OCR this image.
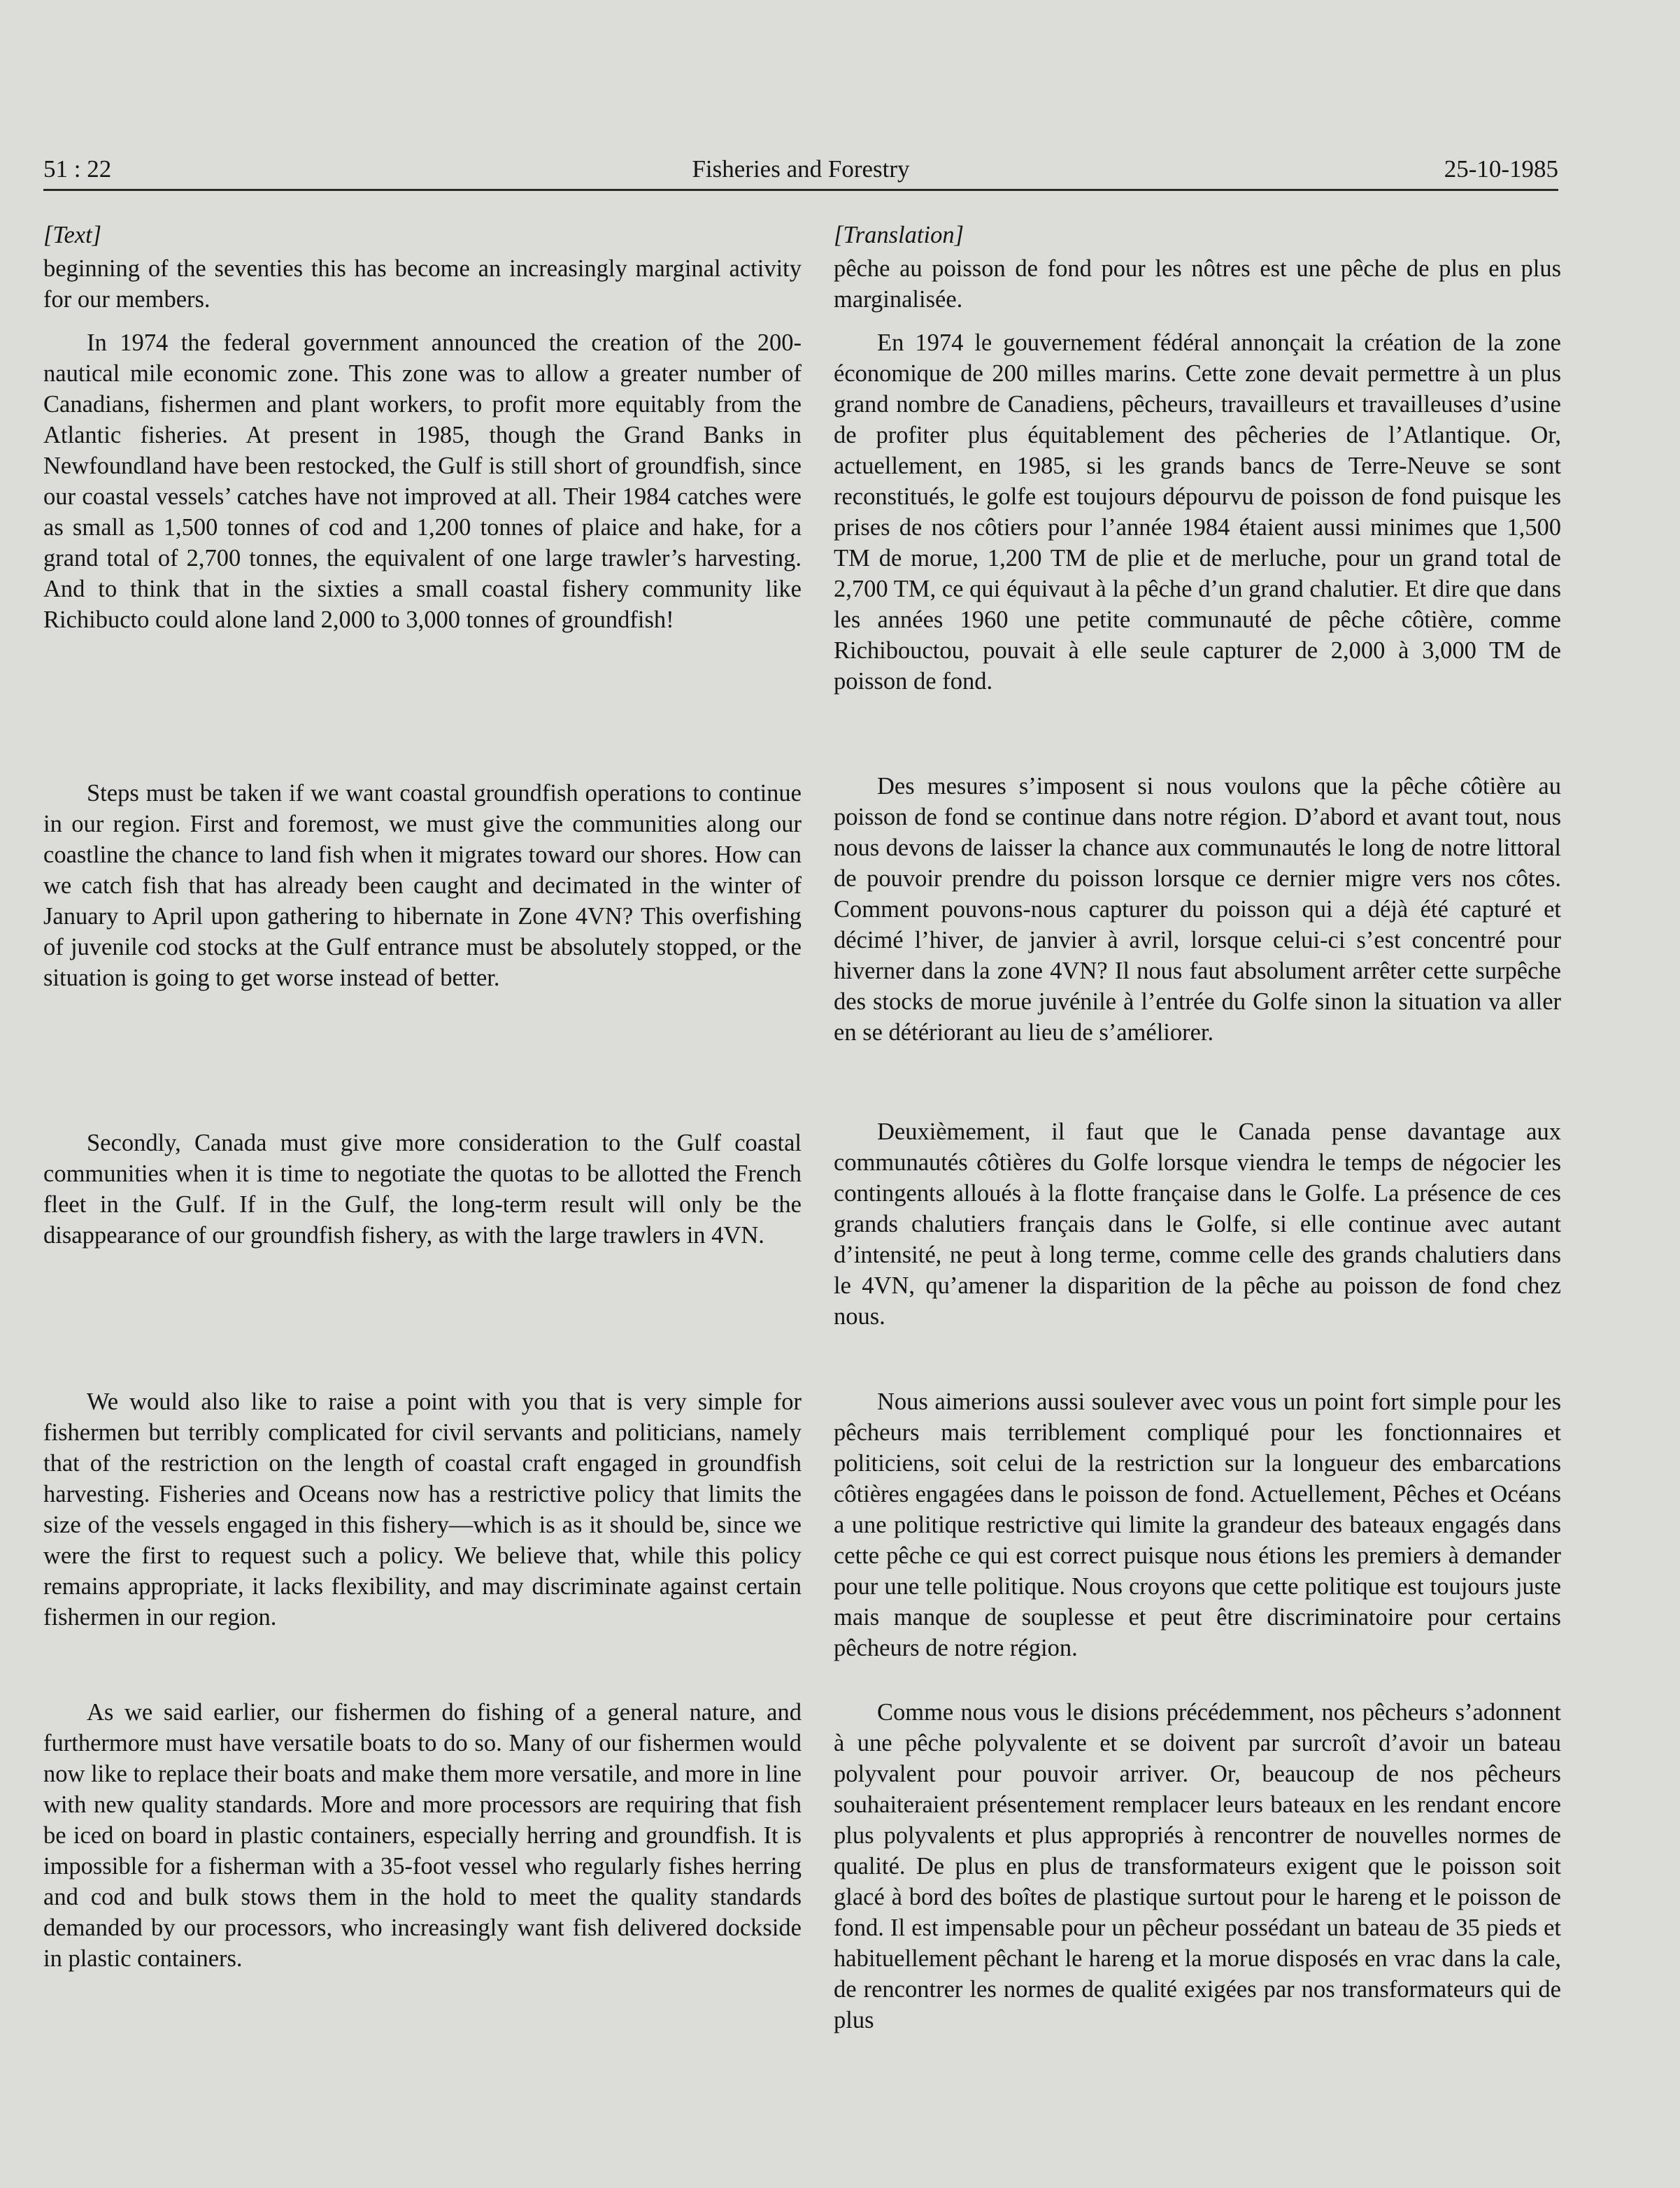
51 : 22	Fisheries and Forestry	25-10-1985

[Text]

beginning of the seventies this has become an increasingly marginal activity for our members.

In 1974 the federal government announced the creation of the 200-nautical mile economic zone. This zone was to allow a greater number of Canadians, fishermen and plant workers, to profit more equitably from the Atlantic fisheries. At present in 1985, though the Grand Banks in Newfoundland have been restocked, the Gulf is still short of groundfish, since our coastal vessels’ catches have not improved at all. Their 1984 catches were as small as 1,500 tonnes of cod and 1,200 tonnes of plaice and hake, for a grand total of 2,700 tonnes, the equivalent of one large trawler’s harvesting. And to think that in the sixties a small coastal fishery community like Richibucto could alone land 2,000 to 3,000 tonnes of groundfish!

Steps must be taken if we want coastal groundfish operations to continue in our region. First and foremost, we must give the communities along our coastline the chance to land fish when it migrates toward our shores. How can we catch fish that has already been caught and decimated in the winter of January to April upon gathering to hibernate in Zone 4VN? This overfishing of juvenile cod stocks at the Gulf entrance must be absolutely stopped, or the situation is going to get worse instead of better.

Secondly, Canada must give more consideration to the Gulf coastal communities when it is time to negotiate the quotas to be allotted the French fleet in the Gulf. If in the Gulf, the long-term result will only be the disappearance of our groundfish fishery, as with the large trawlers in 4VN.

We would also like to raise a point with you that is very simple for fishermen but terribly complicated for civil servants and politicians, namely that of the restriction on the length of coastal craft engaged in groundfish harvesting. Fisheries and Oceans now has a restrictive policy that limits the size of the vessels engaged in this fishery—which is as it should be, since we were the first to request such a policy. We believe that, while this policy remains appropriate, it lacks flexibility, and may discriminate against certain fishermen in our region.

As we said earlier, our fishermen do fishing of a general nature, and furthermore must have versatile boats to do so. Many of our fishermen would now like to replace their boats and make them more versatile, and more in line with new quality standards. More and more processors are requiring that fish be iced on board in plastic containers, especially herring and groundfish. It is impossible for a fisherman with a 35-foot vessel who regularly fishes herring and cod and bulk stows them in the hold to meet the quality standards demanded by our processors, who increasingly want fish delivered dockside in plastic containers.

[Translation]

pêche au poisson de fond pour les nôtres est une pêche de plus en plus marginalisée.

En 1974 le gouvernement fédéral annonçait la création de la zone économique de 200 milles marins. Cette zone devait permettre à un plus grand nombre de Canadiens, pêcheurs, travailleurs et travailleuses d’usine de profiter plus équitablement des pêcheries de l’Atlantique. Or, actuellement, en 1985, si les grands bancs de Terre-Neuve se sont reconstitués, le golfe est toujours dépourvu de poisson de fond puisque les prises de nos côtiers pour l’année 1984 étaient aussi minimes que 1,500 TM de morue, 1,200 TM de plie et de merluche, pour un grand total de 2,700 TM, ce qui équivaut à la pêche d’un grand chalutier. Et dire que dans les années 1960 une petite communauté de pêche côtière, comme Richibouctou, pouvait à elle seule capturer de 2,000 à 3,000 TM de poisson de fond.

Des mesures s’imposent si nous voulons que la pêche côtière au poisson de fond se continue dans notre région. D’abord et avant tout, nous nous devons de laisser la chance aux communautés le long de notre littoral de pouvoir prendre du poisson lorsque ce dernier migre vers nos côtes. Comment pouvons-nous capturer du poisson qui a déjà été capturé et décimé l’hiver, de janvier à avril, lorsque celui-ci s’est concentré pour hiverner dans la zone 4VN? Il nous faut absolument arrêter cette surpêche des stocks de morue juvénile à l’entrée du Golfe sinon la situation va aller en se détériorant au lieu de s’améliorer.

Deuxièmement, il faut que le Canada pense davantage aux communautés côtières du Golfe lorsque viendra le temps de négocier les contingents alloués à la flotte française dans le Golfe. La présence de ces grands chalutiers français dans le Golfe, si elle continue avec autant d’intensité, ne peut à long terme, comme celle des grands chalutiers dans le 4VN, qu’amener la disparition de la pêche au poisson de fond chez nous.

Nous aimerions aussi soulever avec vous un point fort simple pour les pêcheurs mais terriblement compliqué pour les fonctionnaires et politiciens, soit celui de la restriction sur la longueur des embarcations côtières engagées dans le poisson de fond. Actuellement, Pêches et Océans a une politique restrictive qui limite la grandeur des bateaux engagés dans cette pêche ce qui est correct puisque nous étions les premiers à demander pour une telle politique. Nous croyons que cette politique est toujours juste mais manque de souplesse et peut être discriminatoire pour certains pêcheurs de notre région.

Comme nous vous le disions précédemment, nos pêcheurs s’adonnent à une pêche polyvalente et se doivent par surcroît d’avoir un bateau polyvalent pour pouvoir arriver. Or, beaucoup de nos pêcheurs souhaiteraient présentement remplacer leurs bateaux en les rendant encore plus polyvalents et plus appropriés à rencontrer de nouvelles normes de qualité. De plus en plus de transformateurs exigent que le poisson soit glacé à bord des boîtes de plastique surtout pour le hareng et le poisson de fond. Il est impensable pour un pêcheur possédant un bateau de 35 pieds et habituellement pêchant le hareng et la morue disposés en vrac dans la cale, de rencontrer les normes de qualité exigées par nos transformateurs qui de plus
